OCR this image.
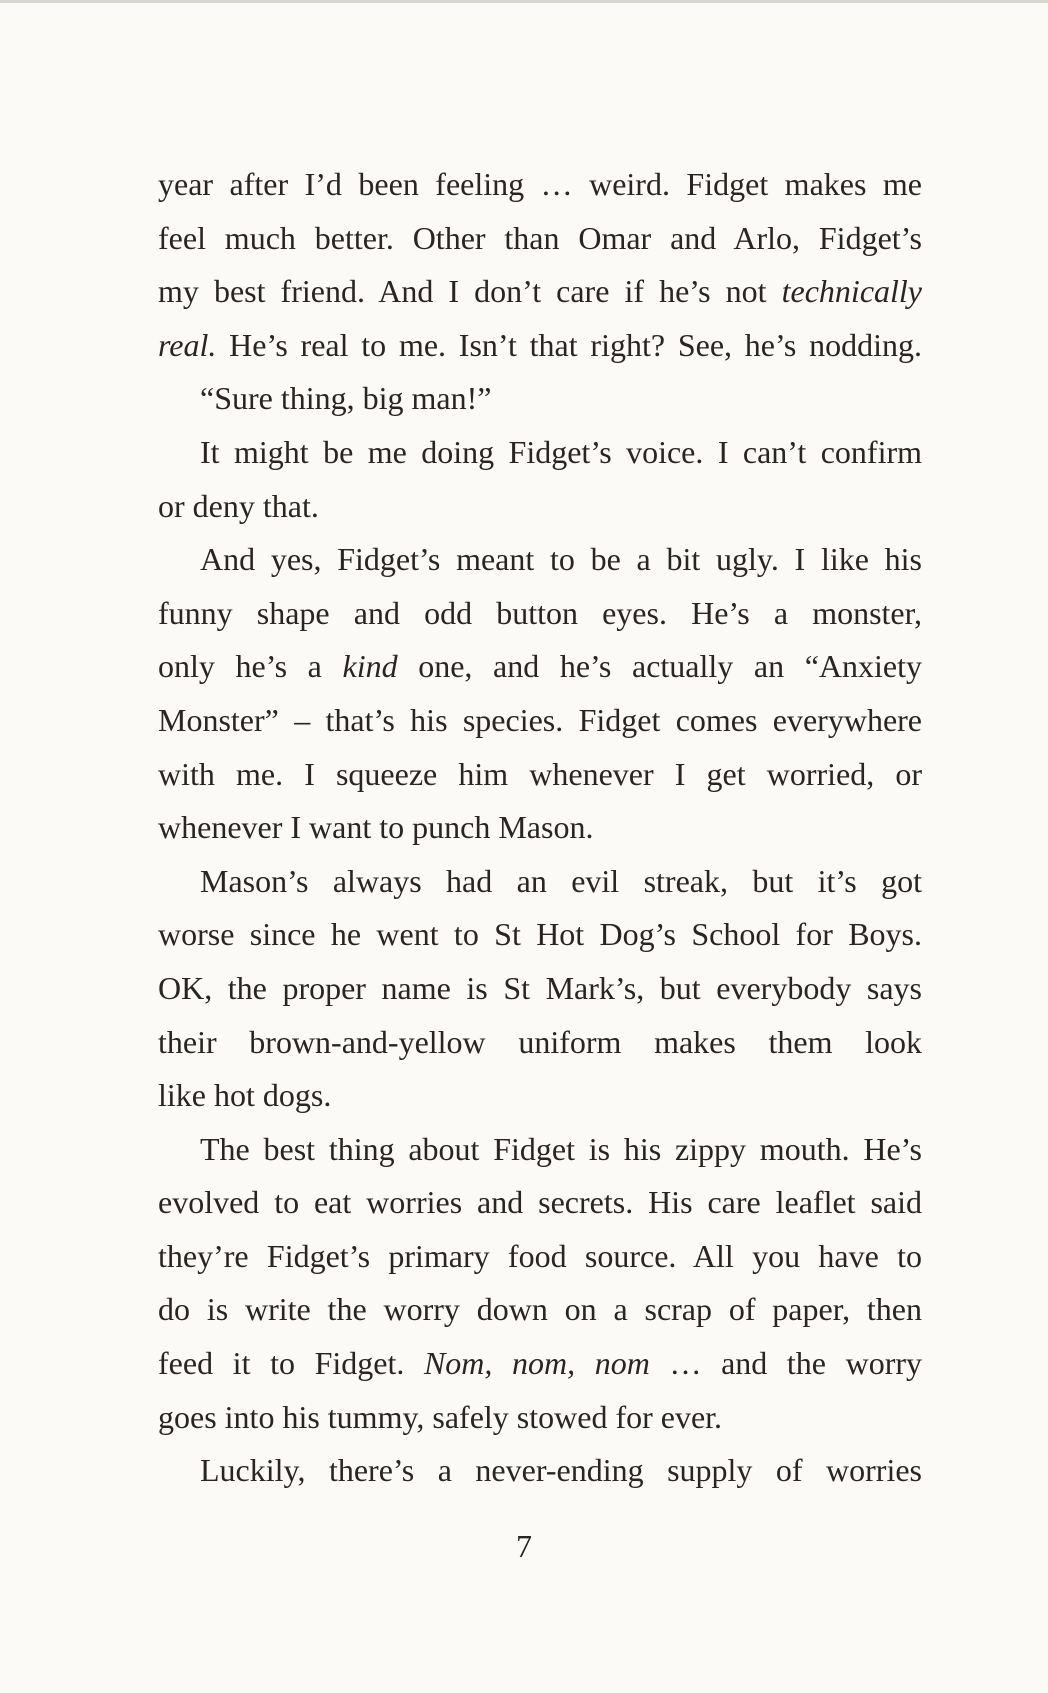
year after I’d been feeling … weird. Fidget makes me
feel much better. Other than Omar and Arlo, Fidget’s
my best friend. And I don’t care if he’s not technically
real. He’s real to me. Isn’t that right? See, he’s nodding.
“Sure thing, big man!”
It might be me doing Fidget’s voice. I can’t confirm
or deny that.
And yes, Fidget’s meant to be a bit ugly. I like his
funny shape and odd button eyes. He’s a monster,
only he’s a kind one, and he’s actually an “Anxiety
Monster” – that’s his species. Fidget comes everywhere
with me. I squeeze him whenever I get worried, or
whenever I want to punch Mason.
Mason’s always had an evil streak, but it’s got
worse since he went to St Hot Dog’s School for Boys.
OK, the proper name is St Mark’s, but everybody says
their brown-and-yellow uniform makes them look
like hot dogs.
The best thing about Fidget is his zippy mouth. He’s
evolved to eat worries and secrets. His care leaflet said
they’re Fidget’s primary food source. All you have to
do is write the worry down on a scrap of paper, then
feed it to Fidget. Nom, nom, nom … and the worry
goes into his tummy, safely stowed for ever.
Luckily, there’s a never-ending supply of worries
7
